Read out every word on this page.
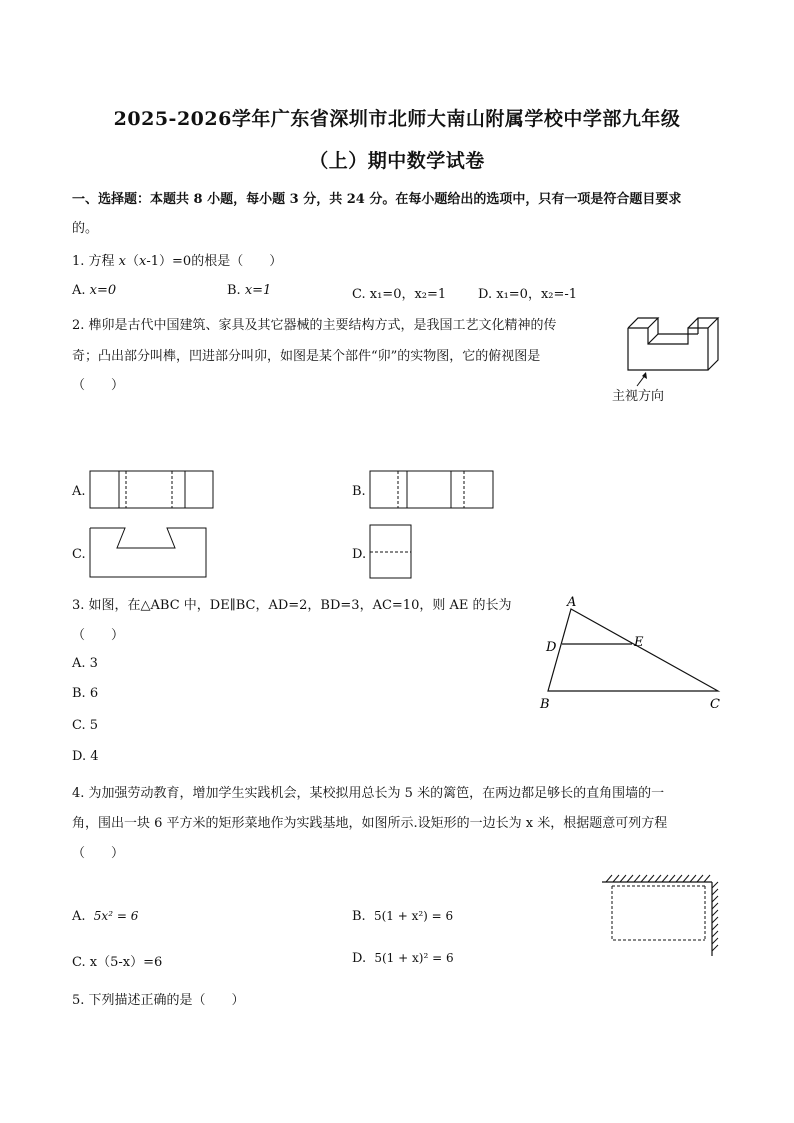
2025-2026学年广东省深圳市北师大南山附属学校中学部九年级
（上）期中数学试卷
一、选择题：本题共 8 小题，每小题 3 分，共 24 分。在每小题给出的选项中，只有一项是符合题目要求
的。
1. 方程 x（x-1）=0的根是（　　）
A. x=0	B. x=1	C. x₁=0，x₂=1 D. x₁=0，x₂=-1
2. 榫卯是古代中国建筑、家具及其它器械的主要结构方式，是我国工艺文化精神的传
奇；凸出部分叫榫，凹进部分叫卯，如图是某个部件“卯”的实物图，它的俯视图是
（　　）
主视方向
A.	B.
C.	D.
3. 如图，在△ABC 中，DE∥BC，AD=2，BD=3，AC=10，则 AE 的长为
（　　）
A. 3
B. 6
C. 5
D. 4
A
D	E
B	C
4. 为加强劳动教育，增加学生实践机会，某校拟用总长为 5 米的篱笆，在两边都足够长的直角围墙的一
角，围出一块 6 平方米的矩形菜地作为实践基地，如图所示.设矩形的一边长为 x 米，根据题意可列方程
（　　）
A. 5x² = 6	B. 5(1 + x²) = 6
C. x（5-x）=6	D. 5(1 + x)² = 6
5. 下列描述正确的是（　　）
